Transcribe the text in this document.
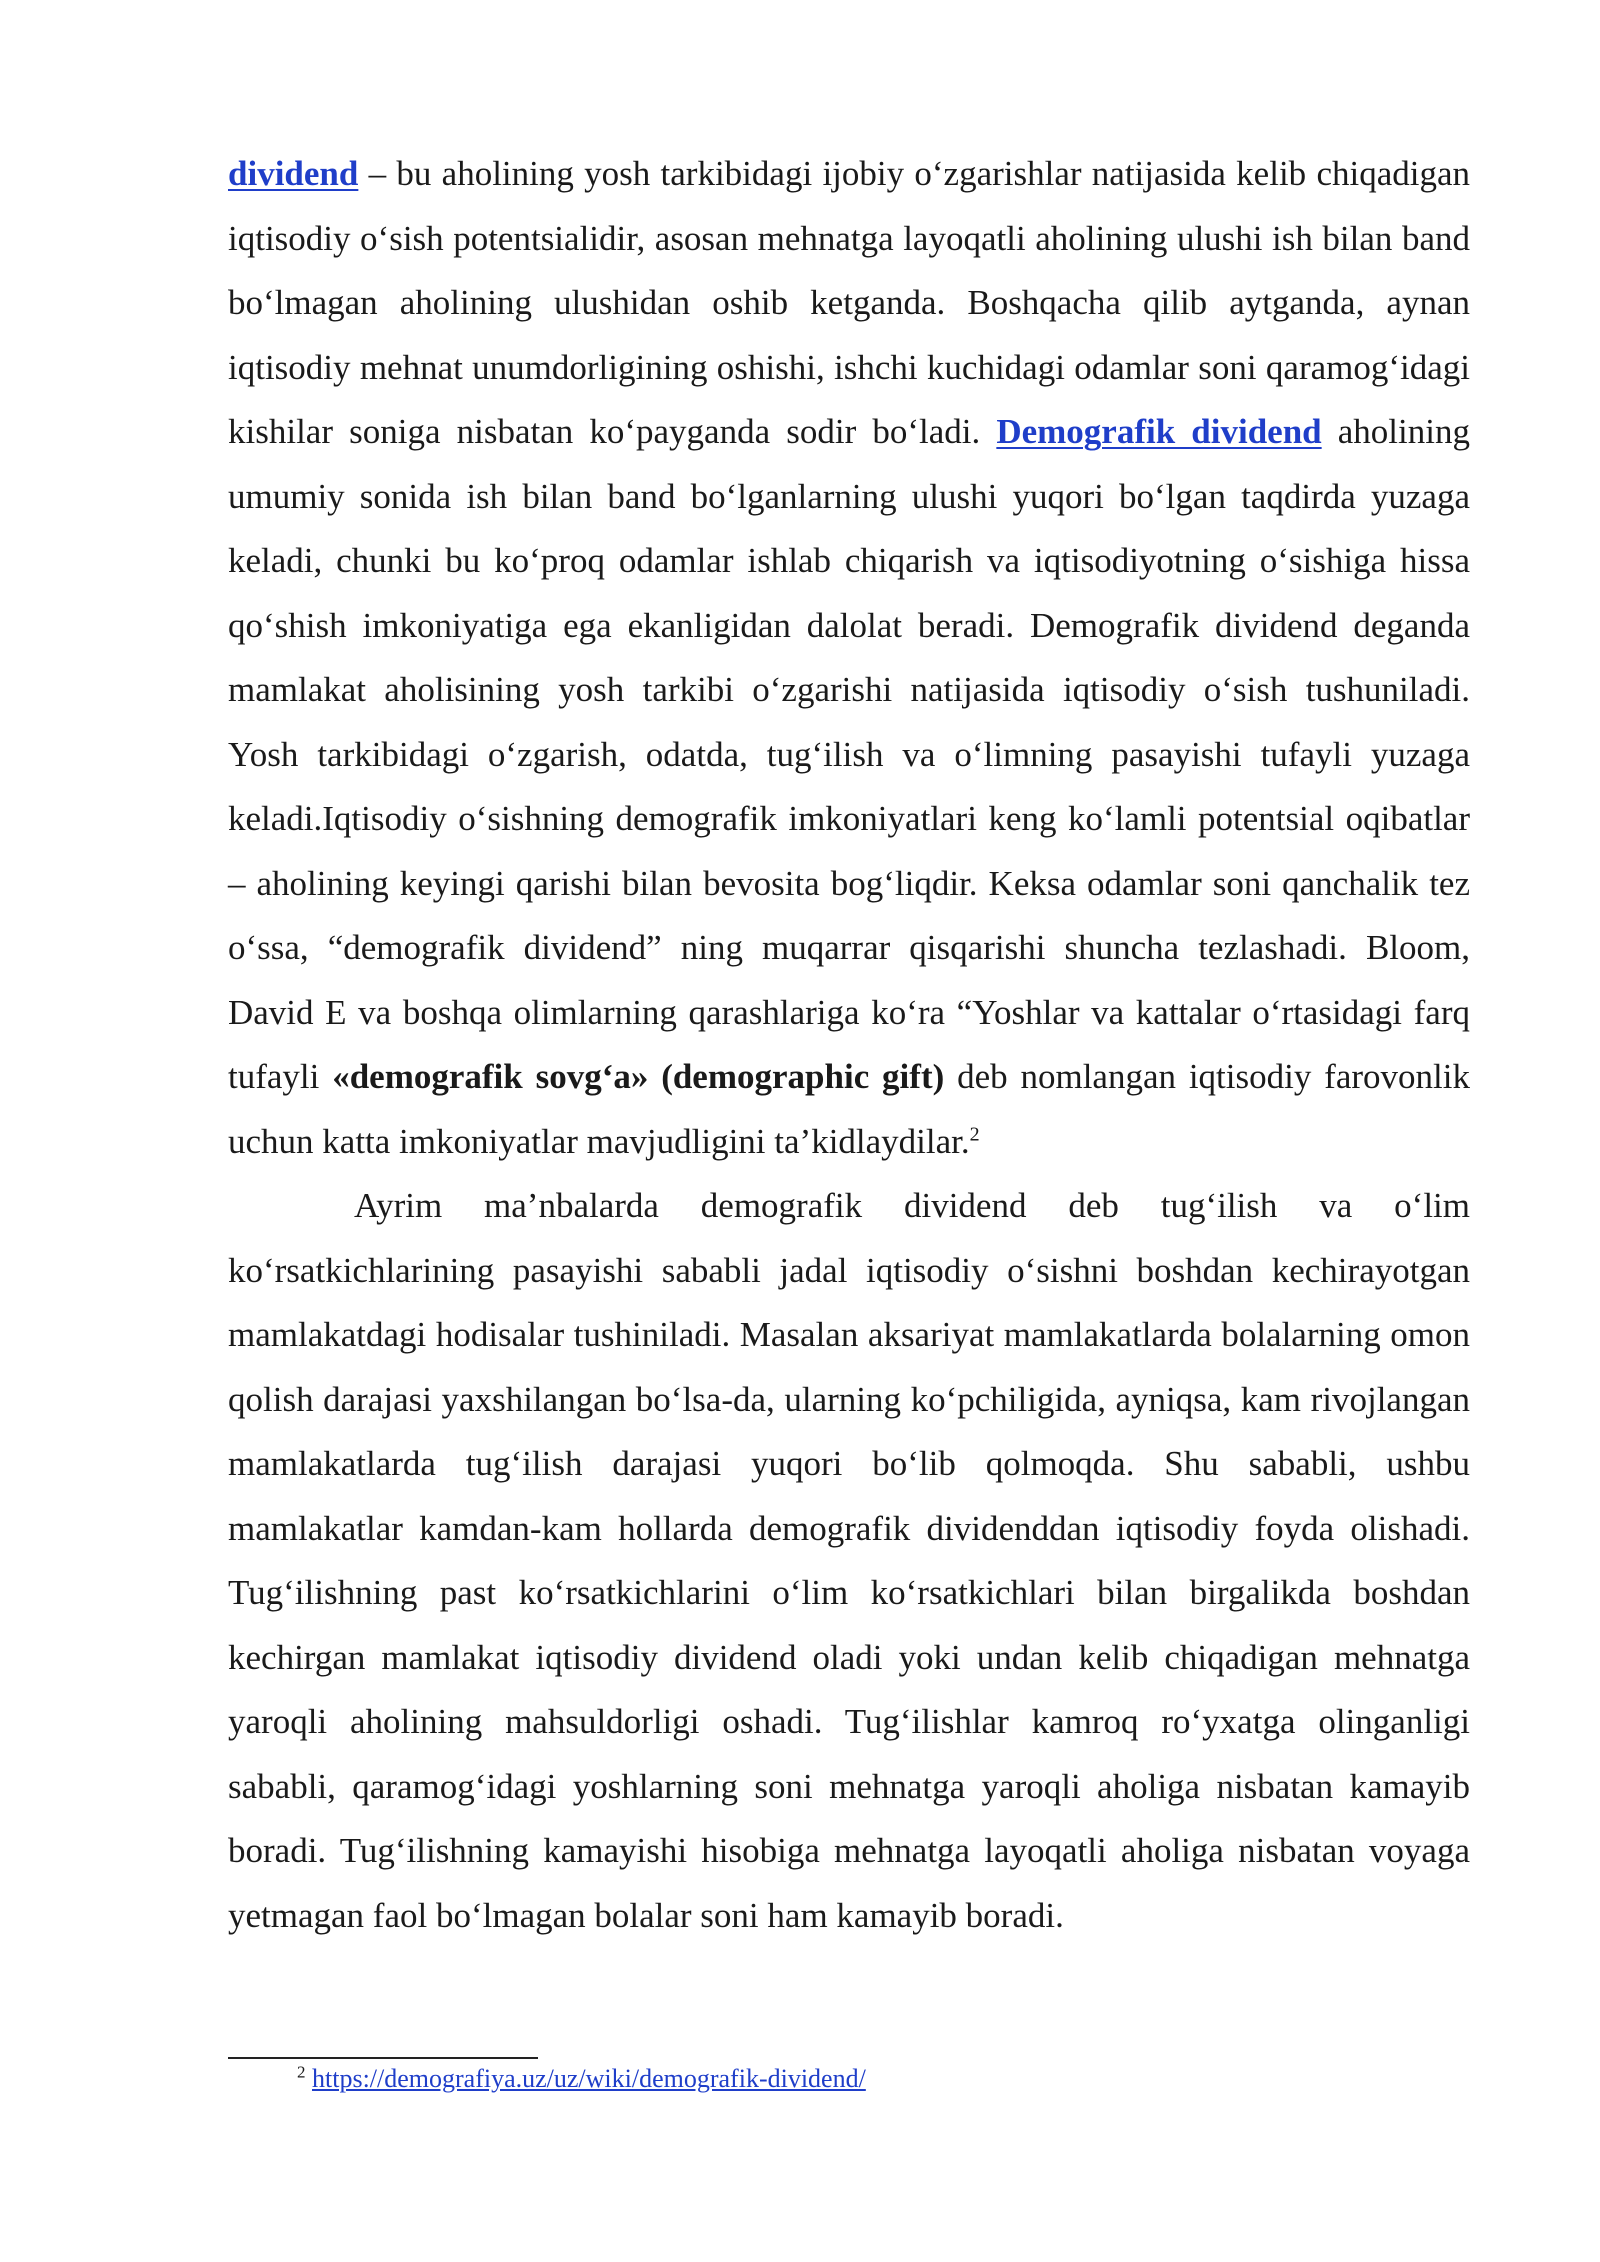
dividend – bu aholining yosh tarkibidagi ijobiy o‘zgarishlar natijasida kelib chiqadigan iqtisodiy o‘sish potentsialidir, asosan mehnatga layoqatli aholining ulushi ish bilan band bo‘lmagan aholining ulushidan oshib ketganda. Boshqacha qilib aytganda, aynan iqtisodiy mehnat unumdorligining oshishi, ishchi kuchidagi odamlar soni qaramog‘idagi kishilar soniga nisbatan ko‘payganda sodir bo‘ladi. Demografik dividend aholining umumiy sonida ish bilan band bo‘lganlarning ulushi yuqori bo‘lgan taqdirda yuzaga keladi, chunki bu ko‘proq odamlar ishlab chiqarish va iqtisodiyotning o‘sishiga hissa qo‘shish imkoniyatiga ega ekanligidan dalolat beradi. Demografik dividend deganda mamlakat aholisining yosh tarkibi o‘zgarishi natijasida iqtisodiy o‘sish tushuniladi. Yosh tarkibidagi o‘zgarish, odatda, tug‘ilish va o‘limning pasayishi tufayli yuzaga keladi.Iqtisodiy o‘sishning demografik imkoniyatlari keng ko‘lamli potentsial oqibatlar – aholining keyingi qarishi bilan bevosita bog‘liqdir. Keksa odamlar soni qanchalik tez o‘ssa, “demografik dividend” ning muqarrar qisqarishi shuncha tezlashadi. Bloom, David E va boshqa olimlarning qarashlariga ko‘ra “Yoshlar va kattalar o‘rtasidagi farq tufayli «demografik sovg‘a» (demographic gift) deb nomlangan iqtisodiy farovonlik uchun katta imkoniyatlar mavjudligini ta’kidlaydilar.$^2$

Ayrim ma’nbalarda demografik dividend deb tug‘ilish va o‘lim ko‘rsatkichlarining pasayishi sababli jadal iqtisodiy o‘sishni boshdan kechirayotgan mamlakatdagi hodisalar tushiniladi. Masalan aksariyat mamlakatlarda bolalarning omon qolish darajasi yaxshilangan bo‘lsa-da, ularning ko‘pchiligida, ayniqsa, kam rivojlangan mamlakatlarda tug‘ilish darajasi yuqori bo‘lib qolmoqda. Shu sababli, ushbu mamlakatlar kamdan-kam hollarda demografik dividenddan iqtisodiy foyda olishadi. Tug‘ilishning past ko‘rsatkichlarini o‘lim ko‘rsatkichlari bilan birgalikda boshdan kechirgan mamlakat iqtisodiy dividend oladi yoki undan kelib chiqadigan mehnatga yaroqli aholining mahsuldorligi oshadi. Tug‘ilishlar kamroq ro‘yxatga olinganligi sababli, qaramog‘idagi yoshlarning soni mehnatga yaroqli aholiga nisbatan kamayib boradi. Tug‘ilishning kamayishi hisobiga mehnatga layoqatli aholiga nisbatan voyaga yetmagan faol bo‘lmagan bolalar soni ham kamayib boradi.

$^2$ https://demografiya.uz/uz/wiki/demografik-dividend/
